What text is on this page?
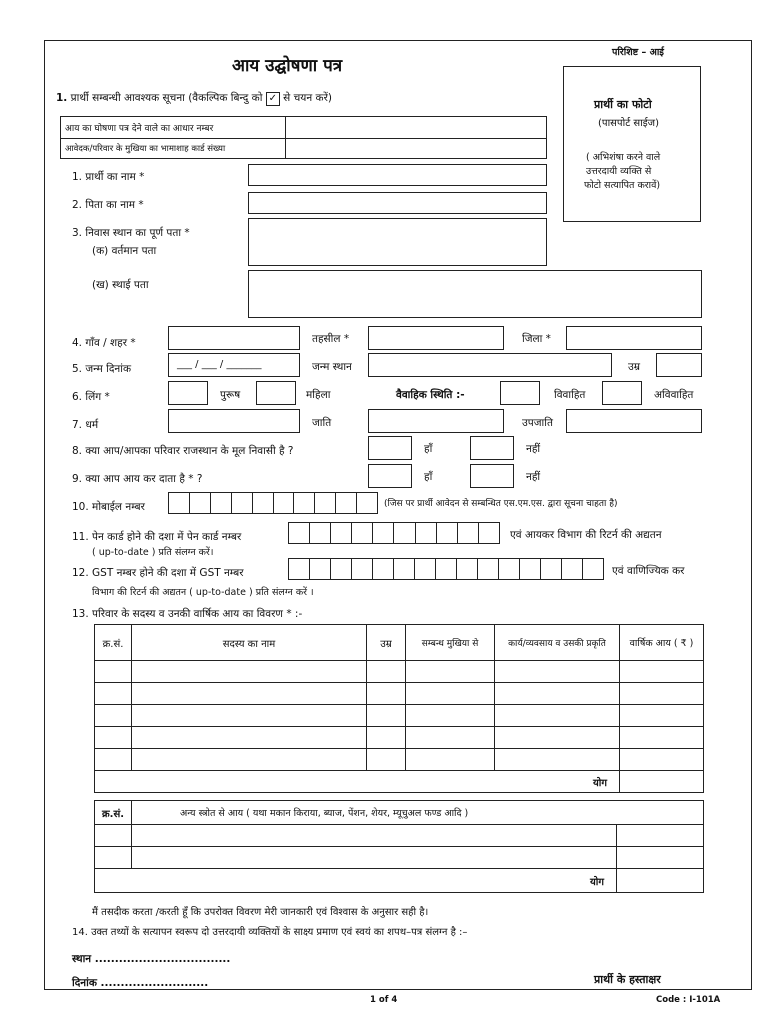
परिशिष्ट – आई
आय उद्घोषणा पत्र
1. प्रार्थी सम्बन्धी आवश्यक सूचना (वैकल्पिक बिन्दु को ✓ से चयन करें)	प्रार्थी का फोटो
(पासपोर्ट साईज)
( अभिशंषा करने वाले
उत्तरदायी व्यक्ति से
फोटो सत्यापित करावें)
आय का घोषणा पत्र देने वाले का आधार नम्बर	
आवेदक/परिवार के मुखिया का भामाशाह कार्ड संख्या	
1. प्रार्थी का नाम *
2. पिता का नाम *
3. निवास स्थान का पूर्ण पता *
(क) वर्तमान पता
(ख) स्थाई पता
4. गाँव / शहर *	तहसील *	जिला *
5. जन्म दिनांक	___ / ___ / _______	जन्म स्थान	उम्र
6. लिंग *	पुरूष	महिला	वैवाहिक स्थिति :-	विवाहित	अविवाहित
7. धर्म	जाति	उपजाति
8. क्या आप/आपका परिवार राजस्थान के मूल निवासी है ?	हाँ	नहीं
9. क्या आप आय कर दाता है * ?	हाँ	नहीं
10. मोबाईल नम्बर	(जिस पर प्रार्थी आवेदन से सम्बन्धित एस.एम.एस. द्वारा सूचना चाहता है)
11. पेन कार्ड होने की दशा में पेन कार्ड नम्बर	एवं आयकर विभाग की रिटर्न की अद्यतन
( up-to-date ) प्रति संलग्न करें।
12. GST नम्बर होने की दशा में GST नम्बर	एवं वाणिज्यिक कर
विभाग की रिटर्न की अद्यतन ( up-to-date ) प्रति संलग्न करें ।
13. परिवार के सदस्य व उनकी वार्षिक आय का विवरण * :-
क्र.सं.	सदस्य का नाम	उम्र	सम्बन्ध मुखिया से	कार्य/व्यवसाय व उसकी प्रकृति	वार्षिक आय ( ₹ )

योग					
क्र.सं.	अन्य स्त्रोत से आय ( यथा मकान किराया, ब्याज, पेंशन, शेयर, म्यूचुअल फण्ड आदि )	

योग		
मैं तसदीक करता /करती हूँ कि उपरोक्त विवरण मेरी जानकारी एवं विश्वास के अनुसार सही है।
14. उक्त तथ्यों के सत्यापन स्वरूप दो उत्तरदायी व्यक्तियों के साक्ष्य प्रमाण एवं स्वयं का शपथ–पत्र संलग्न है :–
स्थान ..................................
दिनांक ...........................	प्रार्थी के हस्ताक्षर
1 of 4	Code : I-101A
